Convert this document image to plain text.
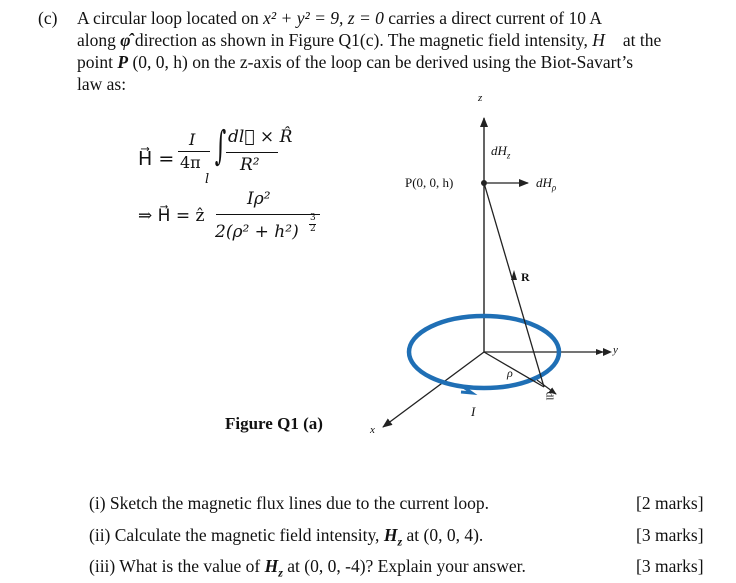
(c) A circular loop located on x² + y² = 9, z = 0 carries a direct current of 10 A
along φ̂ direction as shown in Figure Q1(c). The magnetic field intensity, H⃗ at the
point P (0, 0, h) on the z-axis of the loop can be derived using the Biot-Savart’s
law as:
H⃗ =
I
4π ∫
l
dl⃗ × R̂
R²
⇒ H⃗ = ẑ
Iρ²
2(ρ² + h²)
3
2
z
y
x
P(0, 0, h)
$dH_z$
$dH_\rho$
R
ρ
I
dl
Figure Q1 (a)
(i) Sketch the magnetic flux lines due to the current loop.	[2 marks]
(ii) Calculate the magnetic field intensity, $H_z$ at (0, 0, 4).	[3 marks]
(iii) What is the value of $H_z$ at (0, 0, -4)? Explain your answer.	[3 marks]
